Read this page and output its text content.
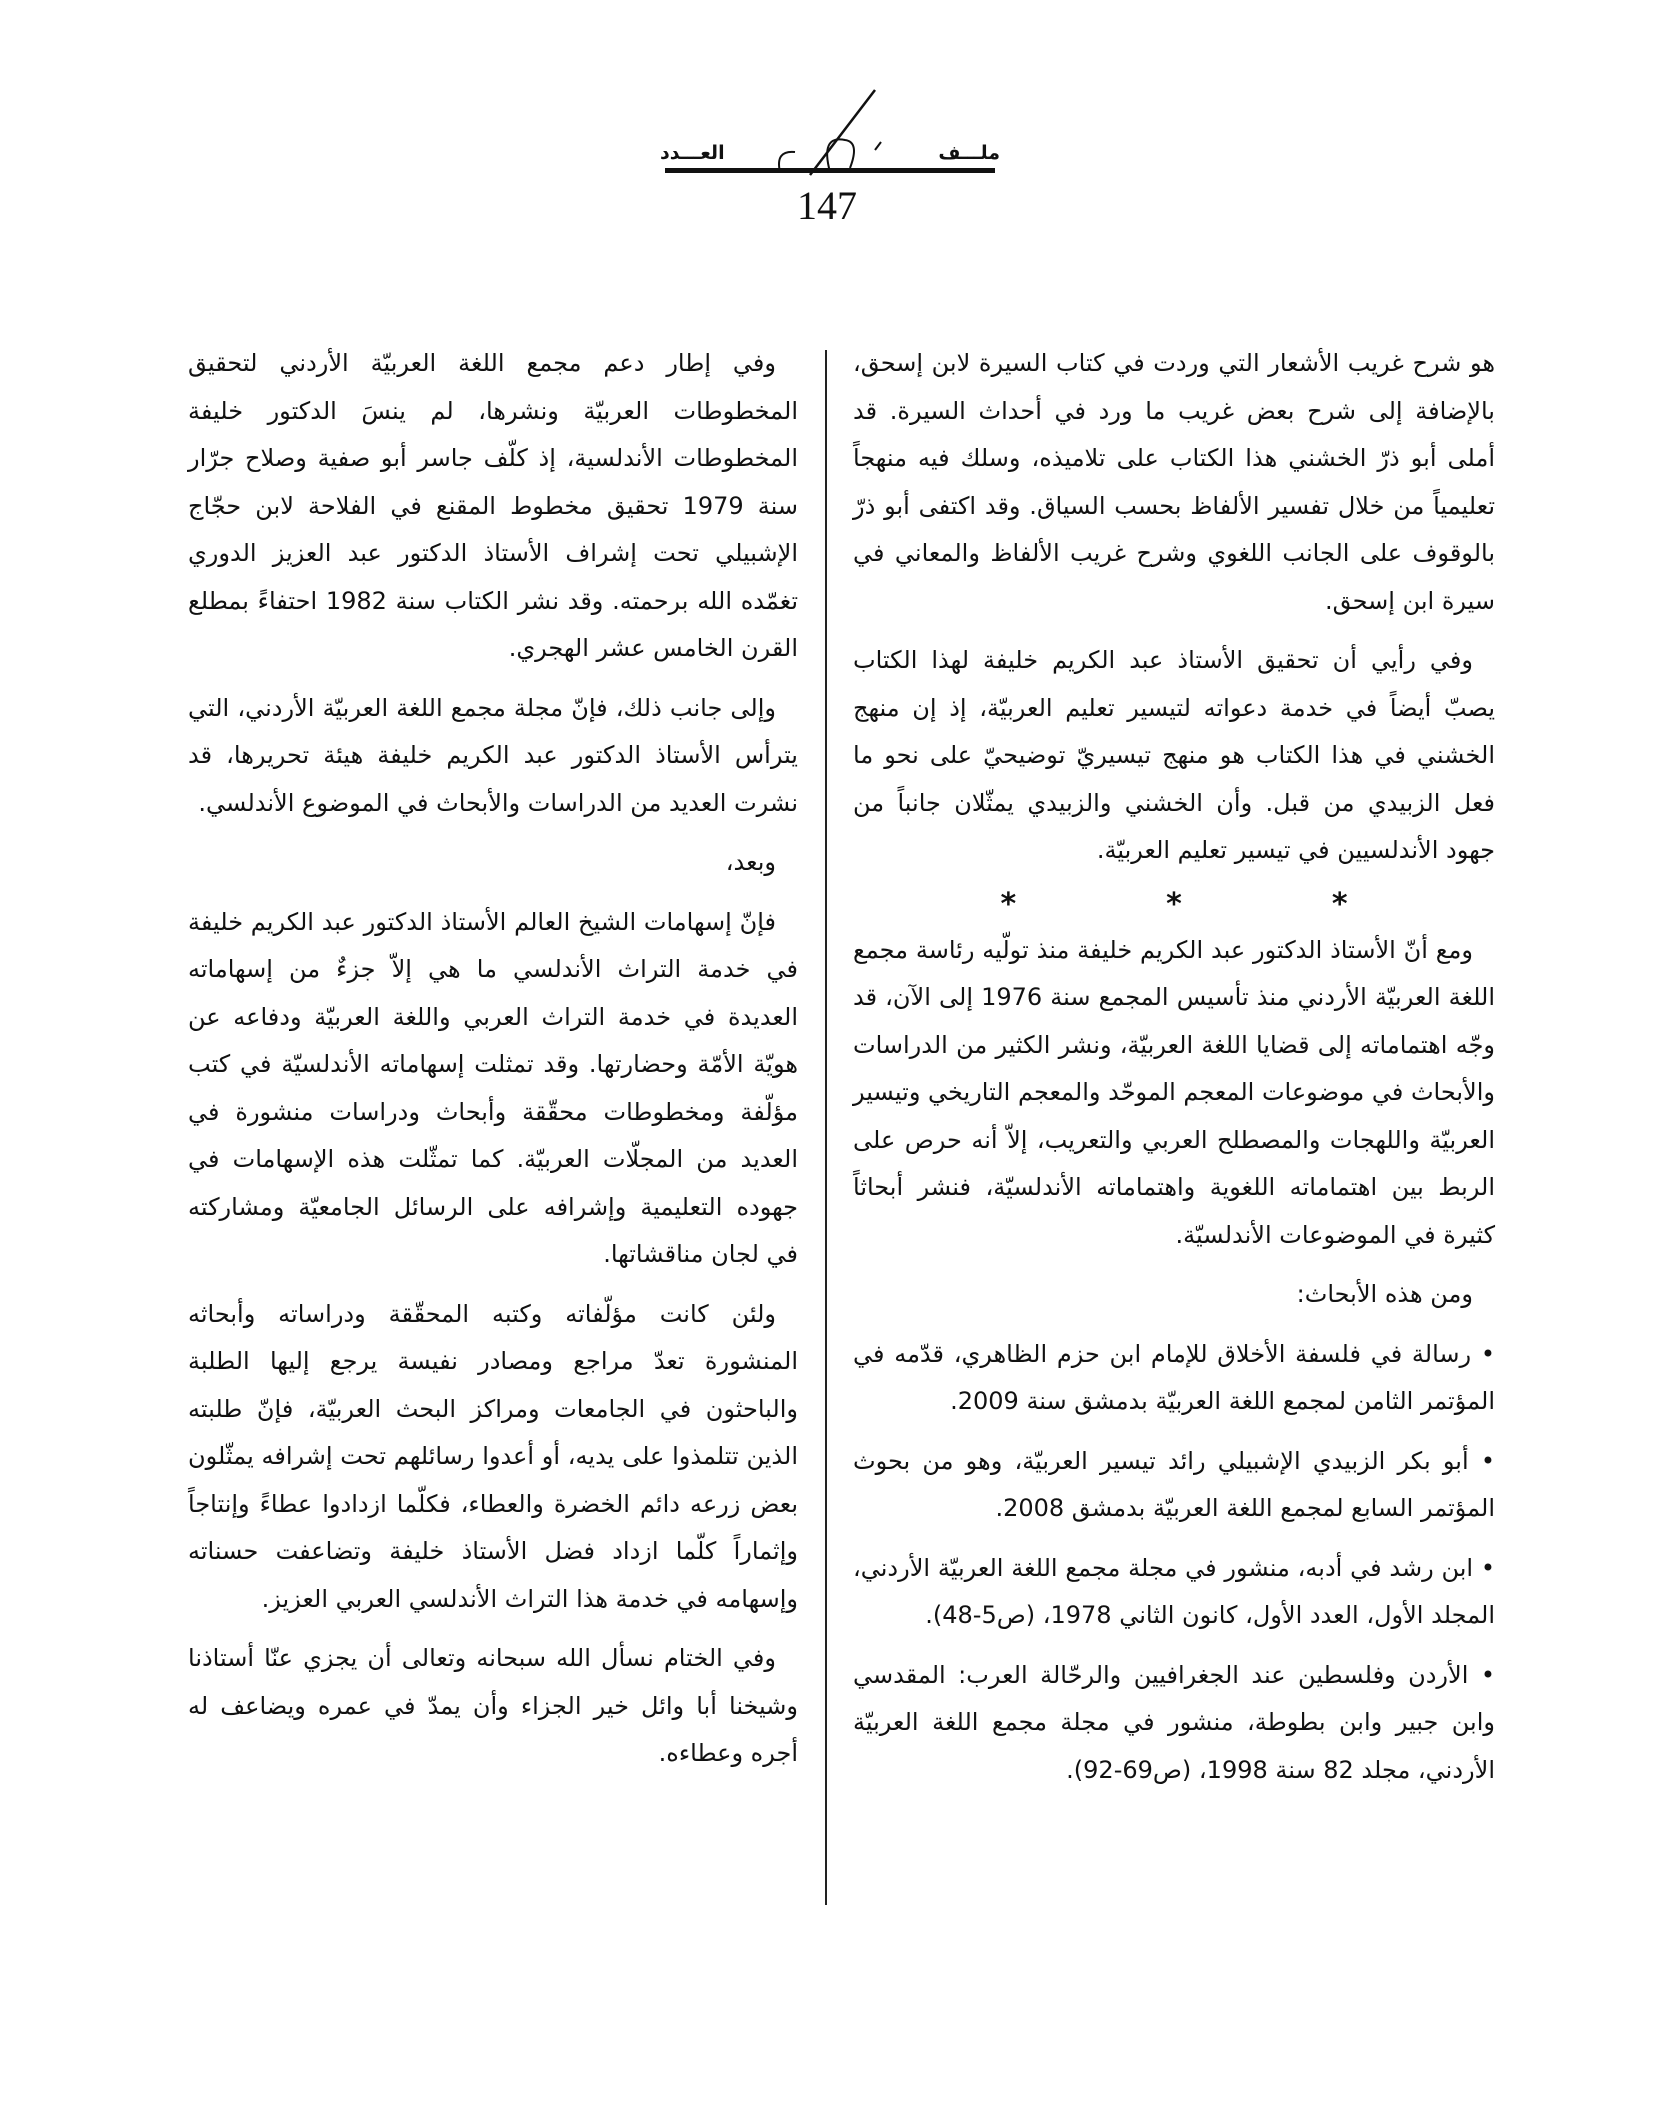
ملـــف
العـــدد
147

هو شرح غريب الأشعار التي وردت في كتاب السيرة لابن إسحق، بالإضافة إلى شرح بعض غريب ما ورد في أحداث السيرة. قد أملى أبو ذرّ الخشني هذا الكتاب على تلاميذه، وسلك فيه منهجاً تعليمياً من خلال تفسير الألفاظ بحسب السياق. وقد اكتفى أبو ذرّ بالوقوف على الجانب اللغوي وشرح غريب الألفاظ والمعاني في سيرة ابن إسحق.

وفي رأيي أن تحقيق الأستاذ عبد الكريم خليفة لهذا الكتاب يصبّ أيضاً في خدمة دعواته لتيسير تعليم العربيّة، إذ إن منهج الخشني في هذا الكتاب هو منهج تيسيريّ توضيحيّ على نحو ما فعل الزبيدي من قبل. وأن الخشني والزبيدي يمثّلان جانباً من جهود الأندلسيين في تيسير تعليم العربيّة.

*	*	*

ومع أنّ الأستاذ الدكتور عبد الكريم خليفة منذ تولّيه رئاسة مجمع اللغة العربيّة الأردني منذ تأسيس المجمع سنة 1976 إلى الآن، قد وجّه اهتماماته إلى قضايا اللغة العربيّة، ونشر الكثير من الدراسات والأبحاث في موضوعات المعجم الموحّد والمعجم التاريخي وتيسير العربيّة واللهجات والمصطلح العربي والتعريب، إلاّ أنه حرص على الربط بين اهتماماته اللغوية واهتماماته الأندلسيّة، فنشر أبحاثاً كثيرة في الموضوعات الأندلسيّة.

ومن هذه الأبحاث:

• رسالة في فلسفة الأخلاق للإمام ابن حزم الظاهري، قدّمه في المؤتمر الثامن لمجمع اللغة العربيّة بدمشق سنة 2009.

• أبو بكر الزبيدي الإشبيلي رائد تيسير العربيّة، وهو من بحوث المؤتمر السابع لمجمع اللغة العربيّة بدمشق 2008.

• ابن رشد في أدبه، منشور في مجلة مجمع اللغة العربيّة الأردني، المجلد الأول، العدد الأول، كانون الثاني 1978، (ص5-48).

• الأردن وفلسطين عند الجغرافيين والرحّالة العرب: المقدسي وابن جبير وابن بطوطة، منشور في مجلة مجمع اللغة العربيّة الأردني، مجلد 82 سنة 1998، (ص69-92).

وفي إطار دعم مجمع اللغة العربيّة الأردني لتحقيق المخطوطات العربيّة ونشرها، لم ينسَ الدكتور خليفة المخطوطات الأندلسية، إذ كلّف جاسر أبو صفية وصلاح جرّار سنة 1979 تحقيق مخطوط المقنع في الفلاحة لابن حجّاج الإشبيلي تحت إشراف الأستاذ الدكتور عبد العزيز الدوري تغمّده الله برحمته. وقد نشر الكتاب سنة 1982 احتفاءً بمطلع القرن الخامس عشر الهجري.

وإلى جانب ذلك، فإنّ مجلة مجمع اللغة العربيّة الأردني، التي يترأس الأستاذ الدكتور عبد الكريم خليفة هيئة تحريرها، قد نشرت العديد من الدراسات والأبحاث في الموضوع الأندلسي.

وبعد،

فإنّ إسهامات الشيخ العالم الأستاذ الدكتور عبد الكريم خليفة في خدمة التراث الأندلسي ما هي إلاّ جزءٌ من إسهاماته العديدة في خدمة التراث العربي واللغة العربيّة ودفاعه عن هويّة الأمّة وحضارتها. وقد تمثلت إسهاماته الأندلسيّة في كتب مؤلّفة ومخطوطات محقّقة وأبحاث ودراسات منشورة في العديد من المجلّات العربيّة. كما تمثّلت هذه الإسهامات في جهوده التعليمية وإشرافه على الرسائل الجامعيّة ومشاركته في لجان مناقشاتها.

ولئن كانت مؤلّفاته وكتبه المحقّقة ودراساته وأبحاثه المنشورة تعدّ مراجع ومصادر نفيسة يرجع إليها الطلبة والباحثون في الجامعات ومراكز البحث العربيّة، فإنّ طلبته الذين تتلمذوا على يديه، أو أعدوا رسائلهم تحت إشرافه يمثّلون بعض زرعه دائم الخضرة والعطاء، فكلّما ازدادوا عطاءً وإنتاجاً وإثماراً كلّما ازداد فضل الأستاذ خليفة وتضاعفت حسناته وإسهامه في خدمة هذا التراث الأندلسي العربي العزيز.

وفي الختام نسأل الله سبحانه وتعالى أن يجزي عنّا أستاذنا وشيخنا أبا وائل خير الجزاء وأن يمدّ في عمره ويضاعف له أجره وعطاءه.
